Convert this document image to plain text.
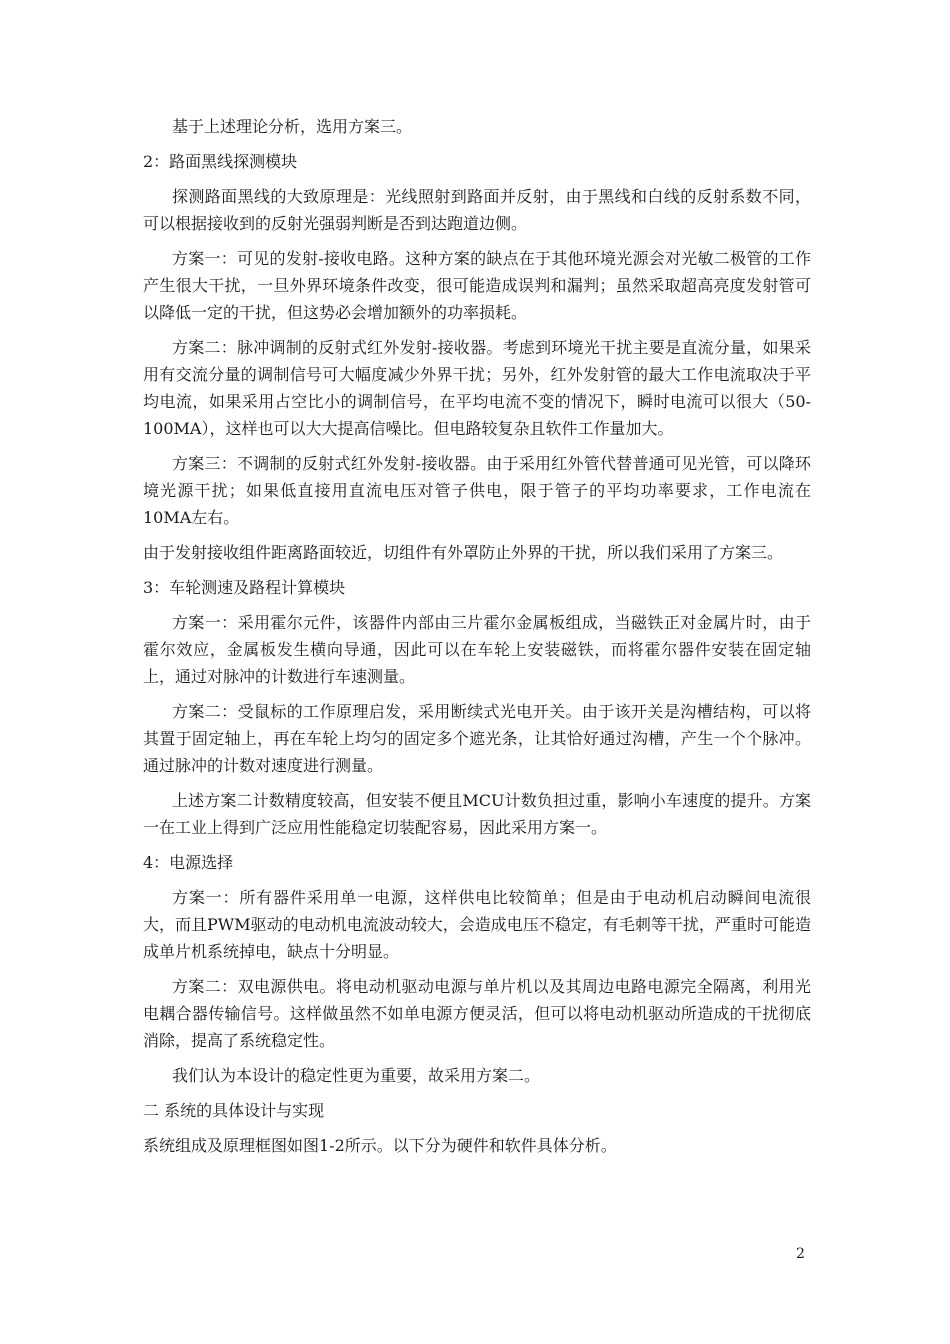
基于上述理论分析，选用方案三。

2：路面黑线探测模块

探测路面黑线的大致原理是：光线照射到路面并反射，由于黑线和白线的反射系数不同，可以根据接收到的反射光强弱判断是否到达跑道边侧。

方案一：可见的发射-接收电路。这种方案的缺点在于其他环境光源会对光敏二极管的工作产生很大干扰，一旦外界环境条件改变，很可能造成误判和漏判；虽然采取超高亮度发射管可以降低一定的干扰，但这势必会增加额外的功率损耗。

方案二：脉冲调制的反射式红外发射-接收器。考虑到环境光干扰主要是直流分量，如果采用有交流分量的调制信号可大幅度减少外界干扰；另外，红外发射管的最大工作电流取决于平均电流，如果采用占空比小的调制信号，在平均电流不变的情况下，瞬时电流可以很大（50-100MA），这样也可以大大提高信噪比。但电路较复杂且软件工作量加大。

方案三：不调制的反射式红外发射-接收器。由于采用红外管代替普通可见光管，可以降环境光源干扰；如果低直接用直流电压对管子供电，限于管子的平均功率要求，工作电流在10MA左右。

由于发射接收组件距离路面较近，切组件有外罩防止外界的干扰，所以我们采用了方案三。

3：车轮测速及路程计算模块

方案一：采用霍尔元件，该器件内部由三片霍尔金属板组成，当磁铁正对金属片时，由于霍尔效应，金属板发生横向导通，因此可以在车轮上安装磁铁，而将霍尔器件安装在固定轴上，通过对脉冲的计数进行车速测量。

方案二：受鼠标的工作原理启发，采用断续式光电开关。由于该开关是沟槽结构，可以将其置于固定轴上，再在车轮上均匀的固定多个遮光条，让其恰好通过沟槽，产生一个个脉冲。通过脉冲的计数对速度进行测量。

上述方案二计数精度较高，但安装不便且MCU计数负担过重，影响小车速度的提升。方案一在工业上得到广泛应用性能稳定切装配容易，因此采用方案一。

4：电源选择

方案一：所有器件采用单一电源，这样供电比较简单；但是由于电动机启动瞬间电流很大，而且PWM驱动的电动机电流波动较大，会造成电压不稳定，有毛刺等干扰，严重时可能造成单片机系统掉电，缺点十分明显。

方案二：双电源供电。将电动机驱动电源与单片机以及其周边电路电源完全隔离，利用光电耦合器传输信号。这样做虽然不如单电源方便灵活，但可以将电动机驱动所造成的干扰彻底消除，提高了系统稳定性。

我们认为本设计的稳定性更为重要，故采用方案二。

二 系统的具体设计与实现

系统组成及原理框图如图1-2所示。以下分为硬件和软件具体分析。

2
